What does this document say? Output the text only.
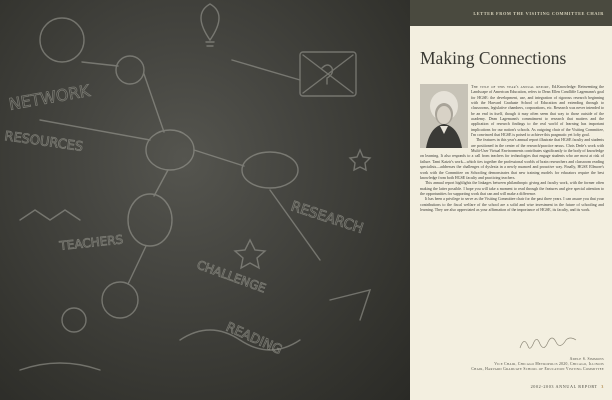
NETWORK
RESOURCES
RESEARCH
CHALLENGE
READING
TEACHERS
LETTER FROM THE VISITING COMMITTEE CHAIR
Making Connections

The title of this year's annual report, Ed.Knowledge: Reinventing the Landscape of American Education, refers to Dean Ellen Condliffe Lagemann's goal for HGSE: the development, use, and integration of rigorous research beginning with the Harvard Graduate School of Education and extending through to classrooms, legislative chambers, corporations, etc. Research was never intended to be an end in itself, though it may often seem that way to those outside of the academy. Dean Lagemann's commitment to research that matters and the application of research findings to the real world of learning has important implications for our nation's schools. As outgoing chair of the Visiting Committee, I'm convinced that HGSE is poised to achieve this pragmatic yet lofty goal.

The features in this year's annual report illustrate that HGSE faculty and students are positioned in the center of the research/practice nexus. Chris Dede's work with Multi-User Virtual Environments contributes significantly to the body of knowledge on learning. It also responds to a call from teachers for technologies that engage students who are most at risk of failure. Tami Katzir's work—which ties together the professional worlds of brain researchers and classroom reading specialists—addresses the challenges of dyslexia in a newly nuanced and proactive way. Finally, HGSE Ellmore's work with the Committee on Schooling demonstrates that new training models for educators require the best knowledge from both HGSE faculty and practicing teachers.

This annual report highlights the linkages between philanthropic giving and faculty work, with the former often making the latter possible. I hope you will take a moment to read through the features and give special attention to the opportunities for supporting work that can and will make a difference.

It has been a privilege to serve as the Visiting Committee chair for the past three years. I can assure you that your contributions to the fiscal welfare of the school are a solid and wise investment in the future of schooling and learning. They are also appreciated as your affirmation of the importance of HGSE, its faculty, and its work.

Adele S. Simmons
Vice Chair, Chicago Metropolis 2020, Chicago, Illinois
Chair, Harvard Graduate School of Education Visiting Committee
2002-2003 ANNUAL REPORT 3
